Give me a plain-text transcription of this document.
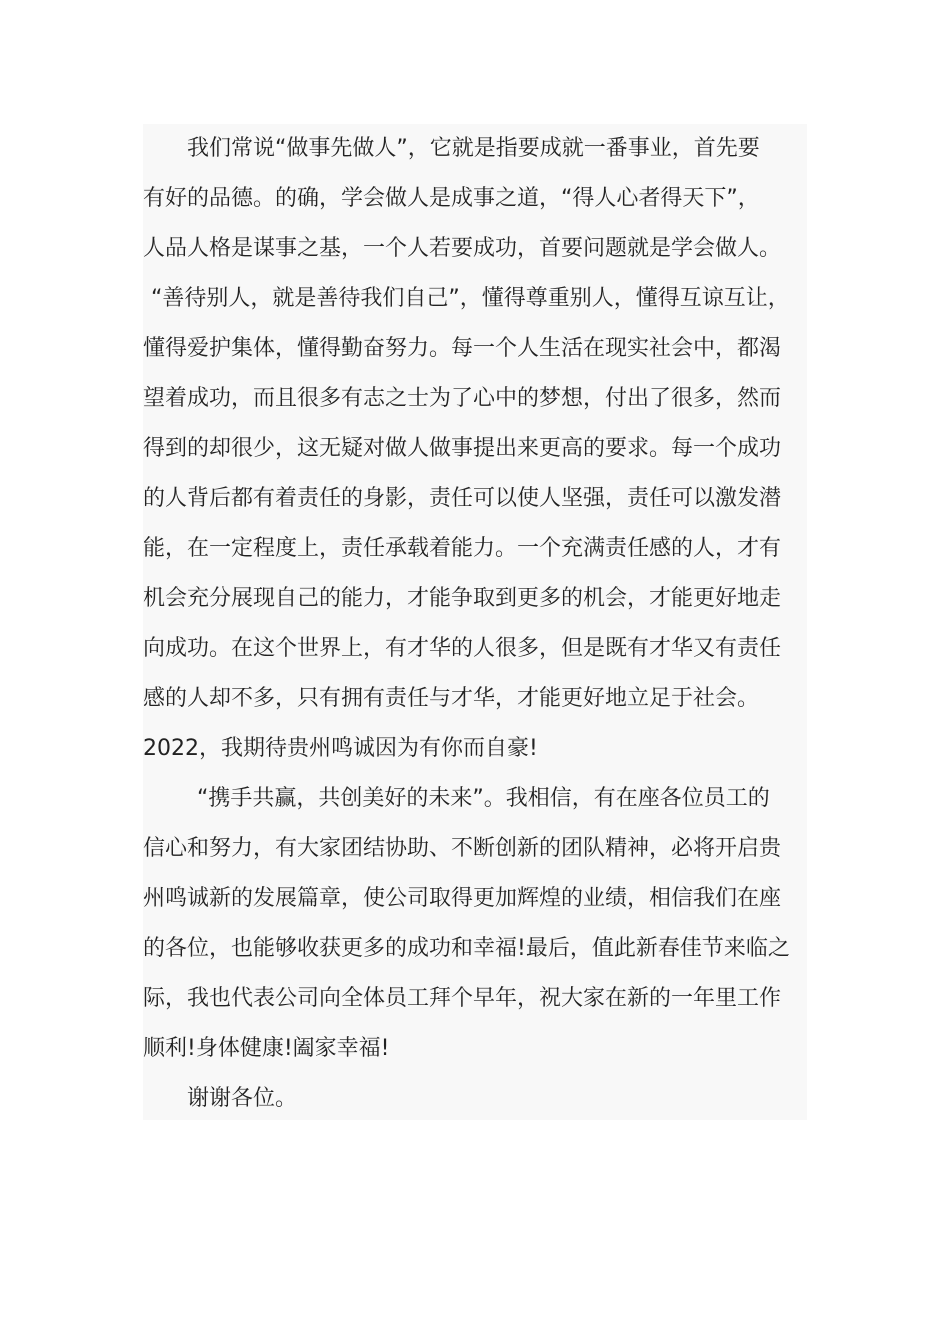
我们常说“做事先做人”，它就是指要成就一番事业，首先要
有好的品德。的确，学会做人是成事之道，“得人心者得天下”，
人品人格是谋事之基，一个人若要成功，首要问题就是学会做人。
“善待别人，就是善待我们自己”，懂得尊重别人，懂得互谅互让，
懂得爱护集体，懂得勤奋努力。每一个人生活在现实社会中，都渴
望着成功，而且很多有志之士为了心中的梦想，付出了很多，然而
得到的却很少，这无疑对做人做事提出来更高的要求。每一个成功
的人背后都有着责任的身影，责任可以使人坚强，责任可以激发潜
能，在一定程度上，责任承载着能力。一个充满责任感的人，才有
机会充分展现自己的能力，才能争取到更多的机会，才能更好地走
向成功。在这个世界上，有才华的人很多，但是既有才华又有责任
感的人却不多，只有拥有责任与才华，才能更好地立足于社会。
2022，我期待贵州鸣诚因为有你而自豪!
“携手共赢，共创美好的未来”。我相信，有在座各位员工的
信心和努力，有大家团结协助、不断创新的团队精神，必将开启贵
州鸣诚新的发展篇章，使公司取得更加辉煌的业绩，相信我们在座
的各位，也能够收获更多的成功和幸福!最后，值此新春佳节来临之
际，我也代表公司向全体员工拜个早年，祝大家在新的一年里工作
顺利!身体健康!阖家幸福!
谢谢各位。
